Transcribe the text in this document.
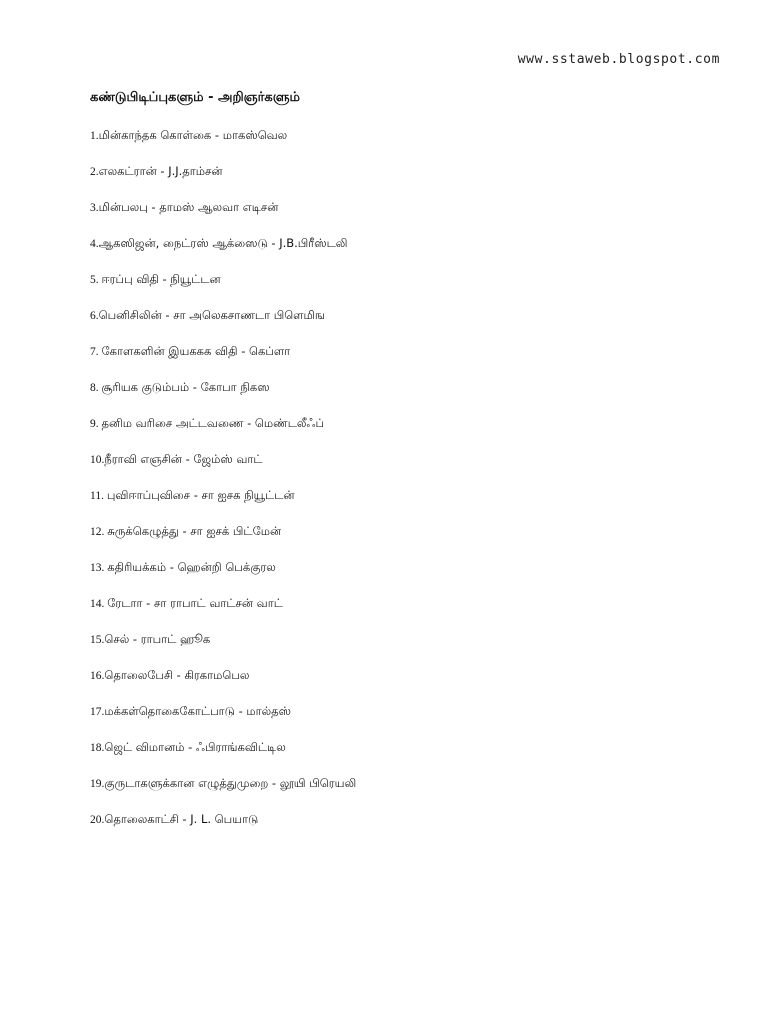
www.sstaweb.blogspot.com
கண்டுபிடிப்புகளும் - அறிஞர்களும்
1.மின்காந்தக கொள்கை - மாகஸ்வெல
2.எலகட்ரான் - J.J.தாம்சன்
3.மின்பலபு - தாமஸ் ஆலவா எடிசன்
4.ஆகஸிஜன், நைட்ரஸ் ஆக்ஸைடு - J.B.பிரீஸ்டலி
5. ஈரப்பு விதி - நியூட்டன
6.பெனிசிலின் - சா அலெகசாணடா பிளெமிங
7. கோளகளின் இயககக விதி - கெப்ளா
8. சூரியக குடும்பம் - கோபா நிகஸ
9. தனிம வரிசை அட்டவணை - மெண்டலீஃப்
10.நீராவி எஞசின் - ஜேம்ஸ் வாட்
11. புவிஈாப்புவிசை - சா ஐசக நியூட்டன்
12. சுருக்கெழுத்து - சா ஐசக் பிட்மேன்
13. கதிரியக்கம் - ஹென்றி பெக்குரல
14. ரேடாா - சா ராபாட் வாட்சன் வாட்
15.செல் - ராபாட் ஹூக
16.தொலைபேசி - கிரகாமபெல
17.மக்கள்தொகைகோட்பாடு - மால்தஸ்
18.ஜெட் விமானம் - ஃபிராங்கவிட்டில
19.குருடாகளுக்கான எழுத்துமுறை - லூயி பிரெயலி
20.தொலைகாட்சி - J. L. பெயாடு
